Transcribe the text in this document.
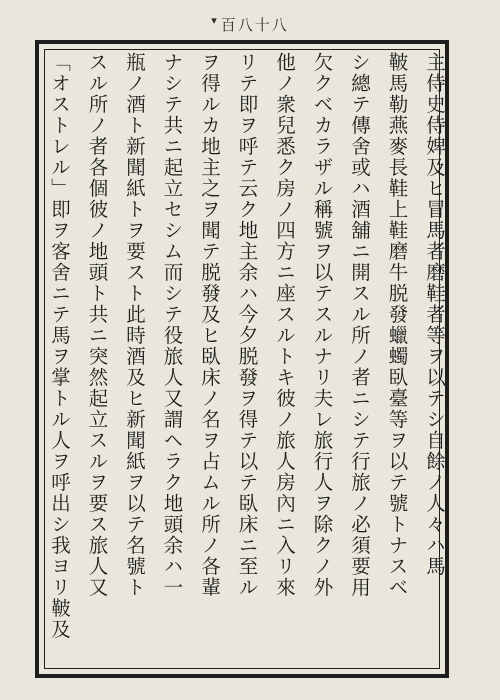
▾ 百八十八
主侍史侍婢及ヒ冒馬者磨鞋者等ヲ以テシ自餘ノ人々ハ馬
鞁馬勒燕麥長鞋上鞋磨牛脱發蠟蠋臥臺等ヲ以テ號トナスベ
シ總テ傳舍或ハ酒舖ニ開スル所ノ者ニシテ行旅ノ必須要用
欠クベカラザル稱號ヲ以テスルナリ夫レ旅行人ヲ除クノ外
他ノ衆兒悉ク房ノ四方ニ座スルトキ彼ノ旅人房內ニ入リ來
リテ即ヲ呼テ云ク地主余ハ今夕脱發ヲ得テ以テ臥床ニ至ル
ヲ得ルカ地主之ヲ聞テ脱發及ヒ臥床ノ名ヲ占ムル所ノ各輩
ナシテ共ニ起立セシム而シテ役旅人又謂ヘラク地頭余ハ一
瓶ノ酒ト新聞紙トヲ要スト此時酒及ヒ新聞紙ヲ以テ名號ト
スル所ノ者各個彼ノ地頭ト共ニ突然起立スルヲ要ス旅人又
「オストレル」即ヲ客舍ニテ馬ヲ掌トル人ヲ呼出シ我ヨリ鞁及
